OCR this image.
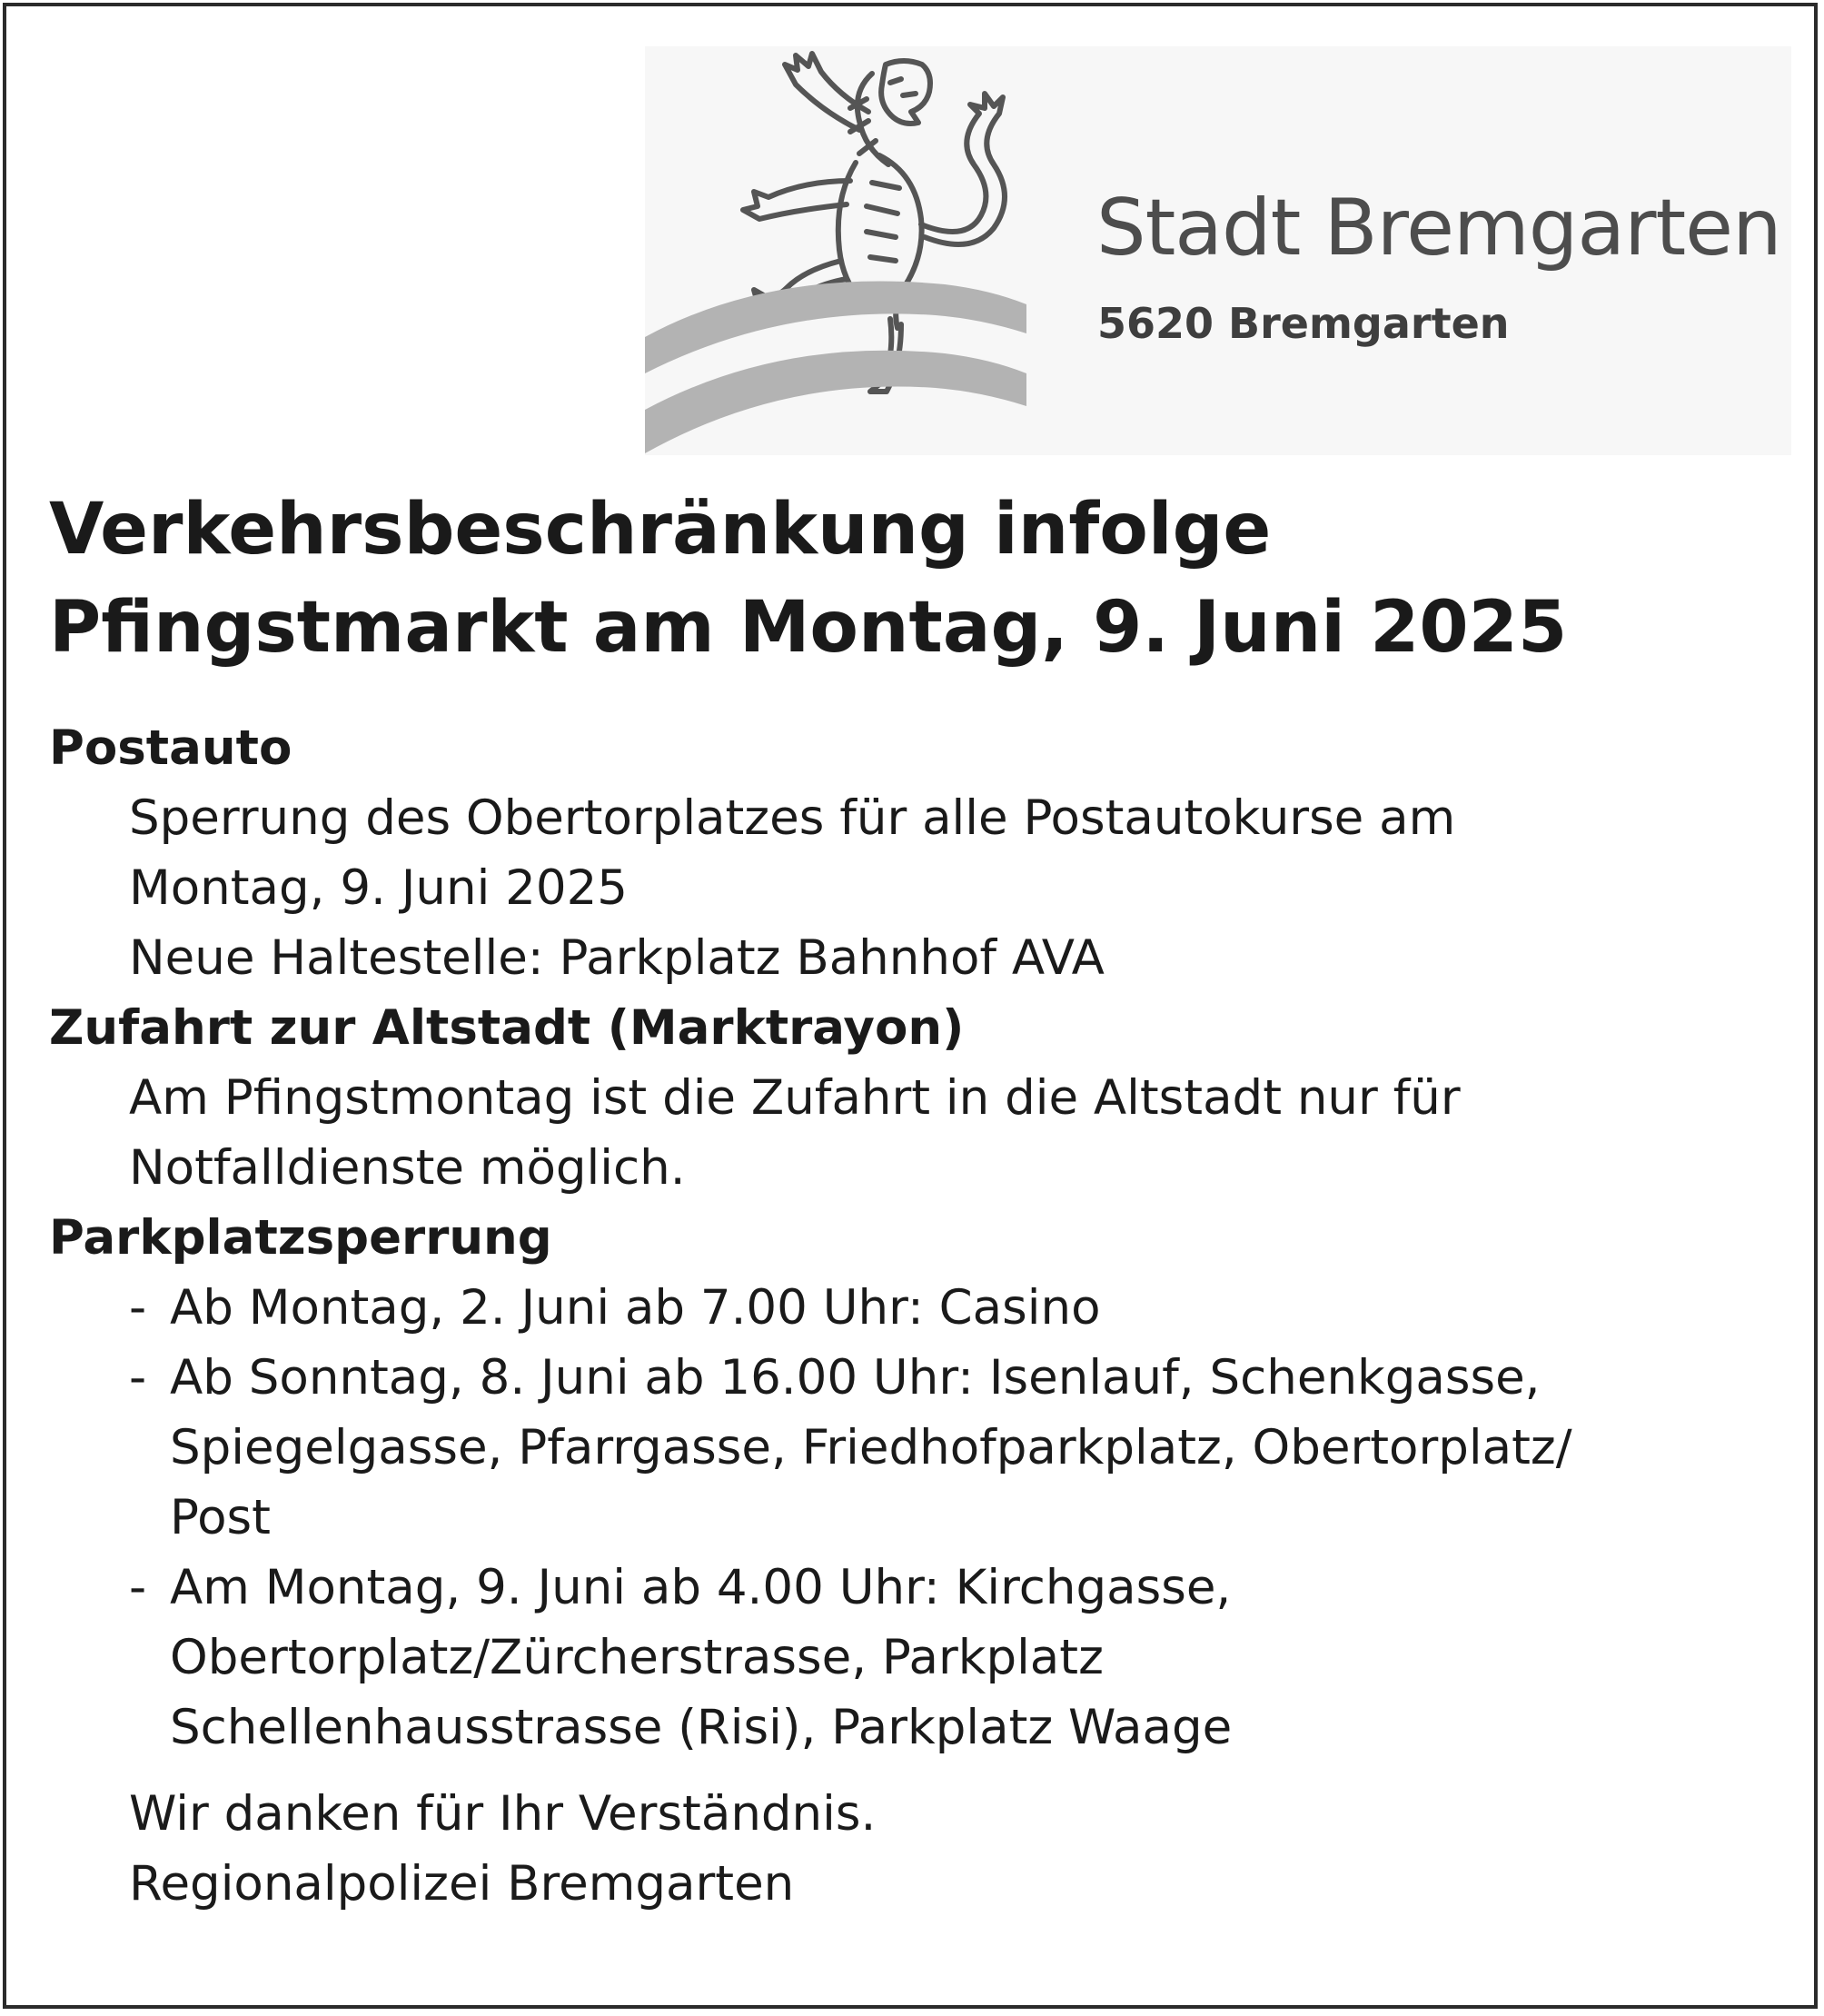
Stadt Bremgarten
5620 Bremgarten
Verkehrsbeschränkung infolge
Pfingstmarkt am Montag, 9. Juni 2025
Postauto
Sperrung des Obertorplatzes für alle Postautokurse am
Montag, 9. Juni 2025
Neue Haltestelle: Parkplatz Bahnhof AVA
Zufahrt zur Altstadt (Marktrayon)
Am Pfingstmontag ist die Zufahrt in die Altstadt nur für
Notfalldienste möglich.
Parkplatzsperrung
- Ab Montag, 2. Juni ab 7.00 Uhr: Casino
- Ab Sonntag, 8. Juni ab 16.00 Uhr: Isenlauf, Schenkgasse,
Spiegelgasse, Pfarrgasse, Friedhofparkplatz, Obertorplatz/
Post
- Am Montag, 9. Juni ab 4.00 Uhr: Kirchgasse,
Obertorplatz/Zürcherstrasse, Parkplatz
Schellenhausstrasse (Risi), Parkplatz Waage
Wir danken für Ihr Verständnis.
Regionalpolizei Bremgarten
